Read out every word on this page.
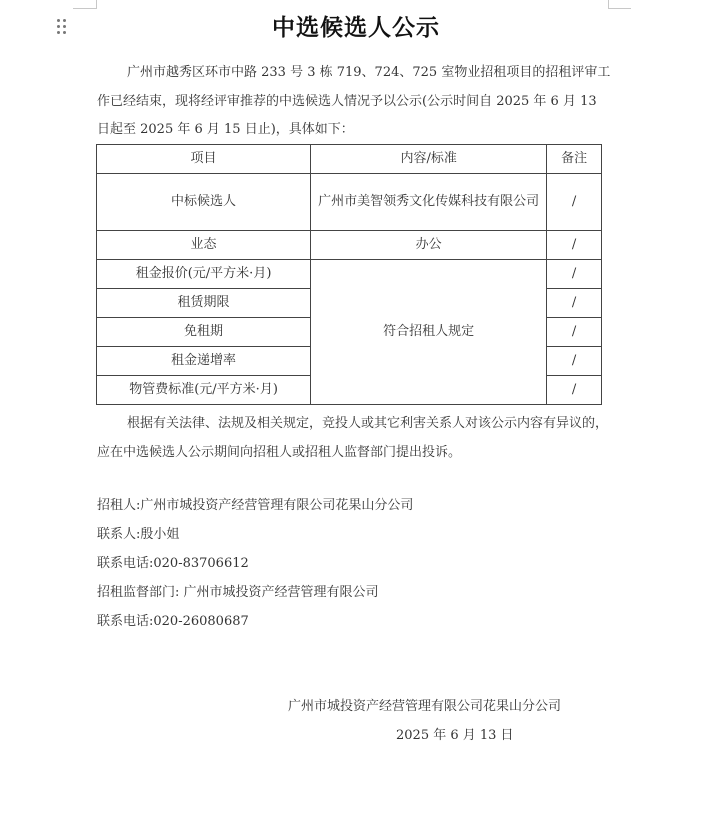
中选候选人公示
广州市越秀区环市中路 233 号 3 栋 719、724、725 室物业招租项目的招租评审工作已经结束，现将经评审推荐的中选候选人情况予以公示(公示时间自 2025 年 6 月 13 日起至 2025 年 6 月 15 日止)，具体如下：
项目	内容/标准	备注
中标候选人	广州市美智领秀文化传媒科技有限公司	/
业态	办公	/
租金报价(元/平方米·月)	符合招租人规定	/
租赁期限		/
免租期		/
租金递增率		/
物管费标准(元/平方米·月)		/
根据有关法律、法规及相关规定，竞投人或其它利害关系人对该公示内容有异议的，应在中选候选人公示期间向招租人或招租人监督部门提出投诉。
招租人:广州市城投资产经营管理有限公司花果山分公司
联系人:殷小姐
联系电话:020-83706612
招租监督部门: 广州市城投资产经营管理有限公司
联系电话:020-26080687
广州市城投资产经营管理有限公司花果山分公司
2025 年 6 月 13 日
